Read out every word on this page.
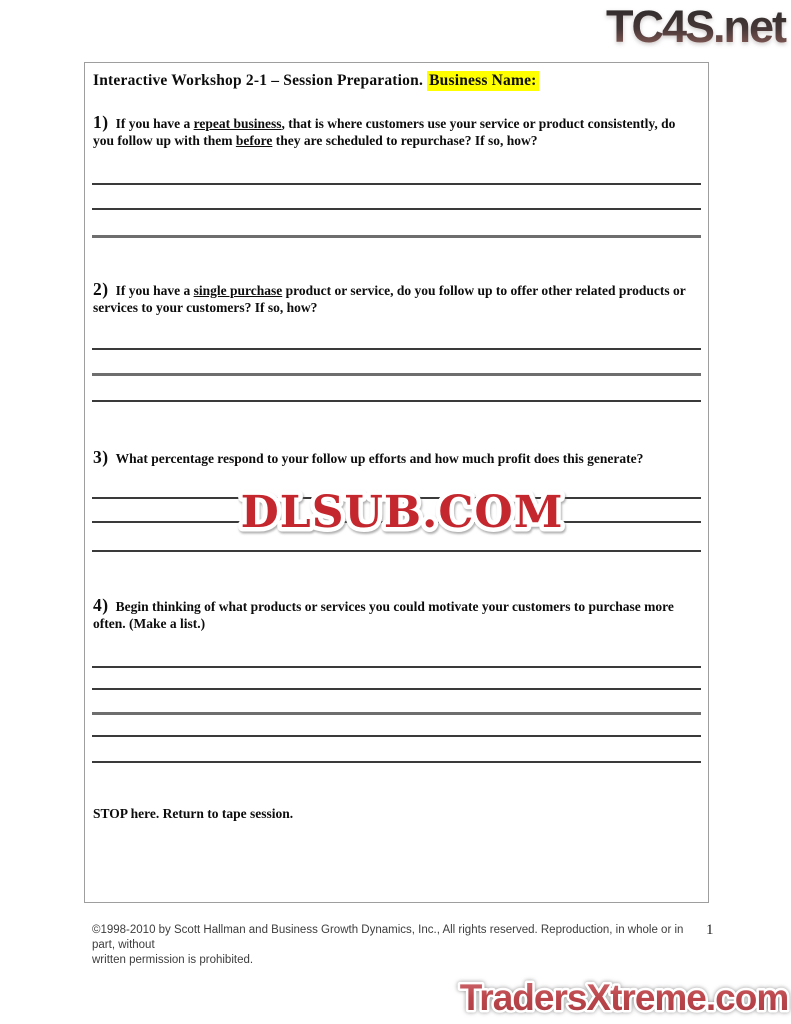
TC4S.net
Interactive Workshop 2-1 – Session Preparation. Business Name:
1) If you have a repeat business, that is where customers use your service or product consistently, do you follow up with them before they are scheduled to repurchase? If so, how?
2) If you have a single purchase product or service, do you follow up to offer other related products or services to your customers? If so, how?
3) What percentage respond to your follow up efforts and how much profit does this generate?
DLSUB.COM
4) Begin thinking of what products or services you could motivate your customers to purchase more often. (Make a list.)
STOP here. Return to tape session.
©1998-2010 by Scott Hallman and Business Growth Dynamics, Inc., All rights reserved. Reproduction, in whole or in part, without
written permission is prohibited.
1
TradersXtreme.com
